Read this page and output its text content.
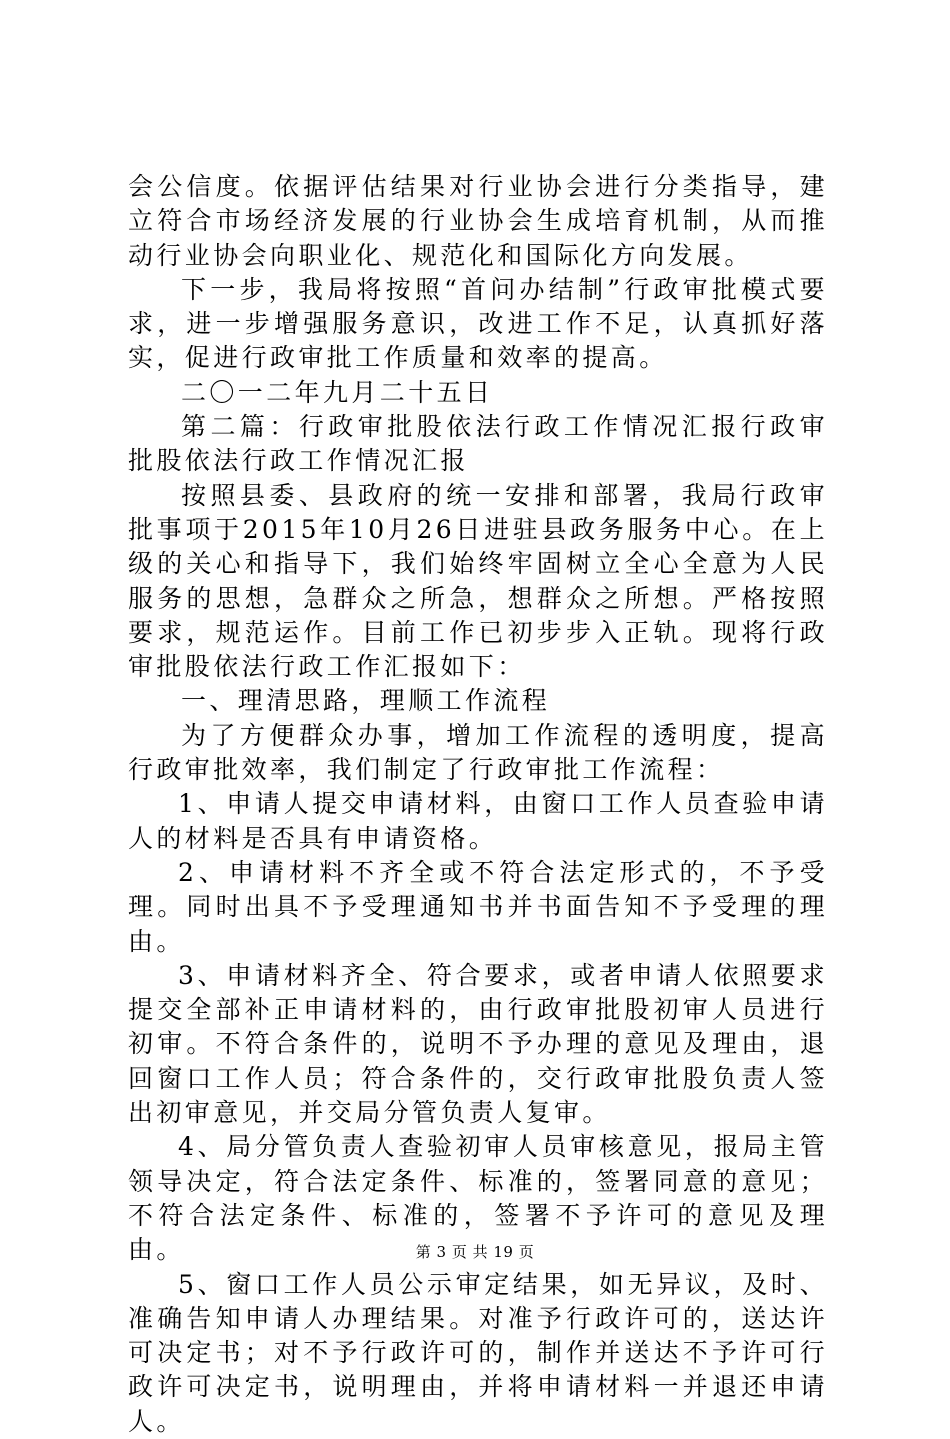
会公信度。依据评估结果对行业协会进行分类指导，建立符合市场经济发展的行业协会生成培育机制，从而推动行业协会向职业化、规范化和国际化方向发展。

下一步，我局将按照“首问办结制”行政审批模式要求，进一步增强服务意识，改进工作不足，认真抓好落实，促进行政审批工作质量和效率的提高。

二〇一二年九月二十五日

第二篇：行政审批股依法行政工作情况汇报行政审批股依法行政工作情况汇报

按照县委、县政府的统一安排和部署，我局行政审批事项于2015年10月26日进驻县政务服务中心。在上级的关心和指导下，我们始终牢固树立全心全意为人民服务的思想，急群众之所急，想群众之所想。严格按照要求，规范运作。目前工作已初步步入正轨。现将行政审批股依法行政工作汇报如下：

一、理清思路，理顺工作流程

为了方便群众办事，增加工作流程的透明度，提高行政审批效率，我们制定了行政审批工作流程：

1、申请人提交申请材料，由窗口工作人员查验申请人的材料是否具有申请资格。

2、申请材料不齐全或不符合法定形式的，不予受理。同时出具不予受理通知书并书面告知不予受理的理由。

3、申请材料齐全、符合要求，或者申请人依照要求提交全部补正申请材料的，由行政审批股初审人员进行初审。不符合条件的，说明不予办理的意见及理由，退回窗口工作人员；符合条件的，交行政审批股负责人签出初审意见，并交局分管负责人复审。

4、局分管负责人查验初审人员审核意见，报局主管领导决定，符合法定条件、标准的，签署同意的意见；不符合法定条件、标准的，签署不予许可的意见及理由。

5、窗口工作人员公示审定结果，如无异议，及时、准确告知申请人办理结果。对准予行政许可的，送达许可决定书；对不予行政许可的，制作并送达不予许可行政许可决定书，说明理由，并将申请材料一并退还申请人。

第 3 页 共 19 页
